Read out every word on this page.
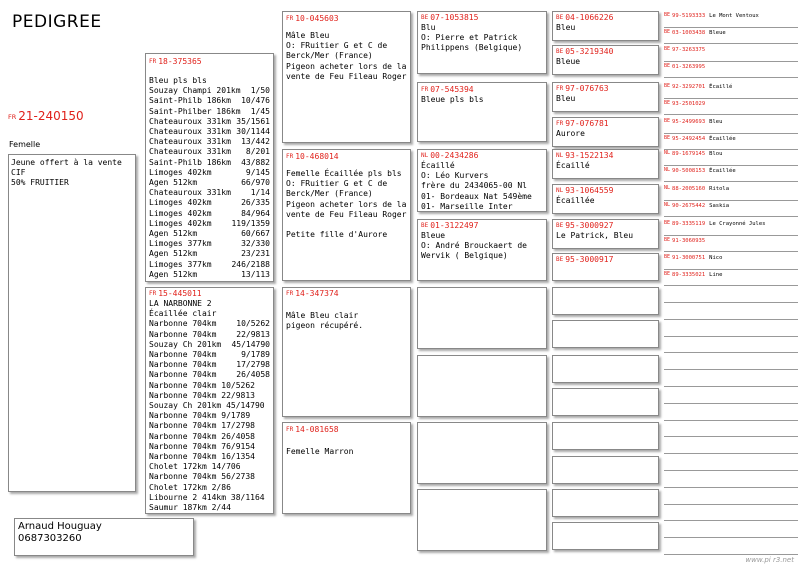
PEDIGREE
FR 21-240150
Femelle
Jeune offert à la vente
CIF
50% FRUITIER
FR 18-375365
Bleu pls bls
Souzay Champi 201km 1/50
Saint-Philb 186km 10/476
Saint-Philber 186km 1/45
Chateauroux 331km 35/1561
Chateauroux 331km 30/1144
Chateauroux 331km 13/442
Chateauroux 331km 8/201
Saint-Philb 186km 43/882
Limoges 402km	9/145
Agen 512km	66/970
Chateauroux 331km 1/14
Limoges 402km	26/335
Limoges 402km	84/964
Limoges 402km 119/1359
Agen 512km	60/667
Limoges 377km	32/330
Agen 512km	23/231
Limoges 377km 246/2188
Agen 512km	13/113
FR 15-445011
LA NARBONNE 2
Écaillée clair
Narbonne 704km 10/5262
Narbonne 704km 22/9813
Souzay Ch 201km 45/14790
Narbonne 704km	9/1789
Narbonne 704km 17/2798
Narbonne 704km 26/4058
Narbonne 704km 10/5262
Narbonne 704km 22/9813
Souzay Ch 201km 45/14790
Narbonne 704km 9/1789
Narbonne 704km 17/2798
Narbonne 704km 26/4058
Narbonne 704km 76/9154
Narbonne 704km 16/1354
Cholet 172km 14/706
Narbonne 704km 56/2738
Cholet 172km 2/86
Libourne 2 414km 38/1164
Saumur 187km 2/44
FR 10-045603
Mâle Bleu
O: FRuitier G et C de
Berck/Mer (France)
Pigeon acheter lors de la
vente de Feu Fileau Roger
FR 10-468014
Femelle Écaillée pls bls
O: FRuitier G et C de
Berck/Mer (France)
Pigeon acheter lors de la
vente de Feu Fileau Roger

Petite fille d'Aurore
FR 14-347374

Mâle Bleu clair
pigeon récupéré.
FR 14-081658

Femelle Marron
BE 07-1053815
Blu
O: Pierre et Patrick
Philippens (Belgique)
FR 07-545394
Bleue pls bls
NL 00-2434286
Écaillé
O: Léo Kurvers
frère du 2434065-00 Nl
01- Bordeaux Nat 549ème
01- Marseille Inter
BE 01-3122497
Bleue
O: André Brouckaert de
Wervik ( Belgique)
BE 04-1066226
Bleu
BE 05-3219340
Bleue
FR 97-076763
Bleu
FR 97-076781
Aurore
NL 93-1522134
Écaillé
NL 93-1064559
Écaillée
BE 95-3000927
Le Patrick, Bleu
BE 95-3000917
BE 99-5193333 Le Mont Ventoux
BE 03-1003438 Bleue
BE 97-3263375
BE 01-3263995
BE 92-3292701 Écaillé
BE 93-2501029
BE 95-2499693 Bleu
BE 95-2492454 Écaillée
NL 89-1679145 Blou
NL 90-5008153 Écaillée
NL 88-2005160 Ritola
NL 90-2675442 Saskia
BE 89-3335119 Le Crayonné Jules
BE 91-3060935
BE 91-3000751 Nico
BE 89-3335021 Line
Arnaud Houguay
0687303260
www.pi r3.net
